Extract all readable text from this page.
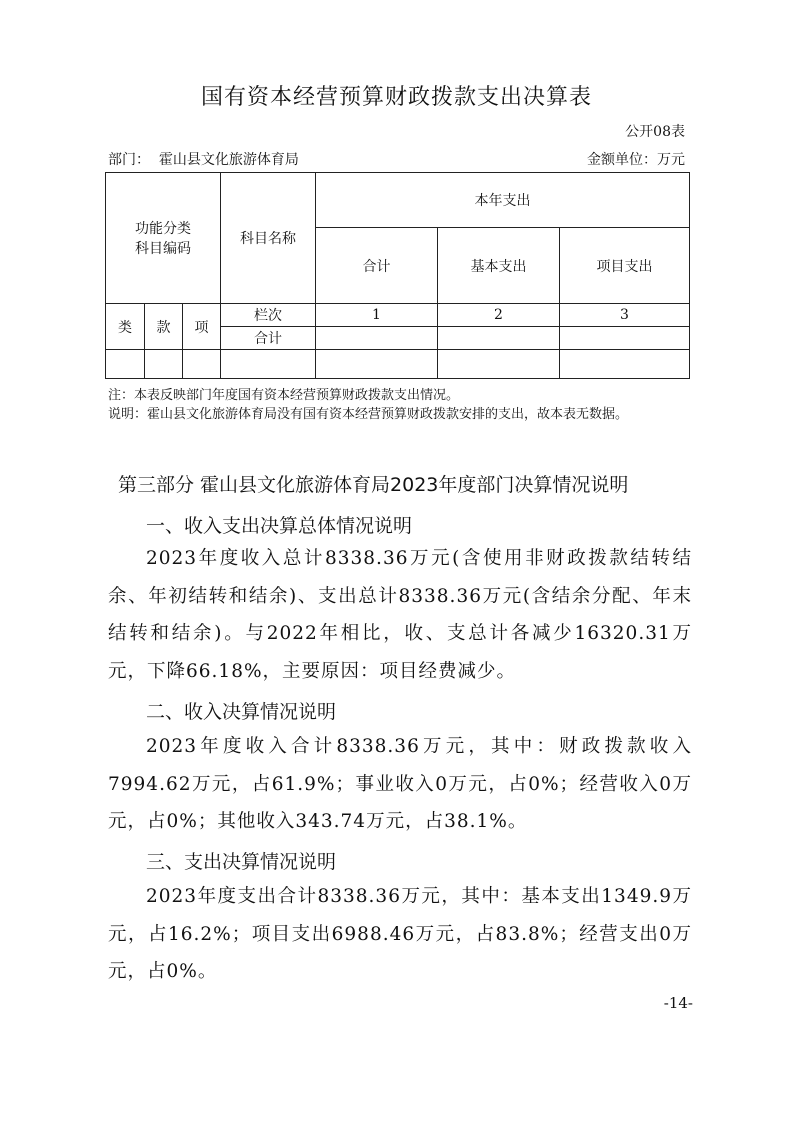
国有资本经营预算财政拨款支出决算表
公开08表
部门： 霍山县文化旅游体育局	金额单位：万元
功能分类
科目编码			科目名称	本年支出		
				合计	基本支出	项目支出
类	款	项	栏次	1	2	3
			合计			

注：本表反映部门年度国有资本经营预算财政拨款支出情况。
说明：霍山县文化旅游体育局没有国有资本经营预算财政拨款安排的支出，故本表无数据。
第三部分 霍山县文化旅游体育局2023年度部门决算情况说明
一、收入支出决算总体情况说明
2023年度收入总计8338.36万元(含使用非财政拨款结转结余、年初结转和结余)、支出总计8338.36万元(含结余分配、年末结转和结余)。与2022年相比，收、支总计各减少16320.31万元，下降66.18%，主要原因：项目经费减少。
二、收入决算情况说明
2023年度收入合计8338.36万元，其中：财政拨款收入7994.62万元，占61.9%；事业收入0万元，占0%；经营收入0万元，占0%；其他收入343.74万元，占38.1%。
三、支出决算情况说明
2023年度支出合计8338.36万元，其中：基本支出1349.9万元，占16.2%；项目支出6988.46万元，占83.8%；经营支出0万元，占0%。
-14-
